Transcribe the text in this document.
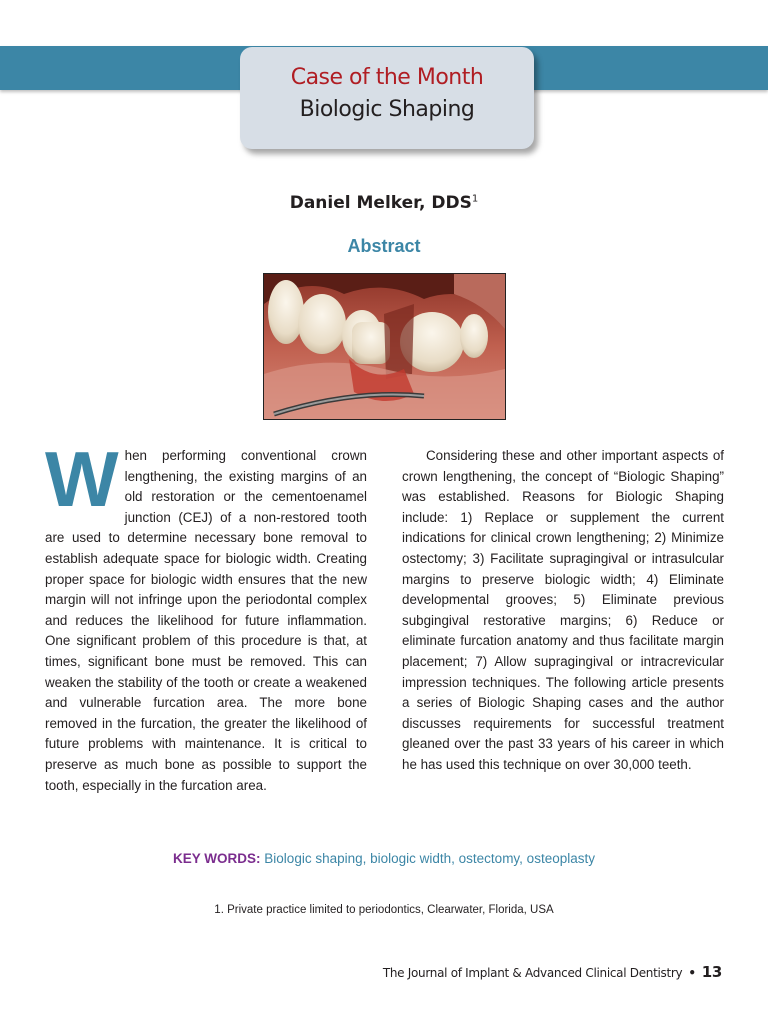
Case of the Month
Biologic Shaping
Daniel Melker, DDS$^1$
Abstract

When performing conventional crown lengthening, the existing margins of an old restoration or the cementoenamel junction (CEJ) of a non-restored tooth are used to determine necessary bone removal to establish adequate space for biologic width. Creating proper space for biologic width ensures that the new margin will not infringe upon the periodontal complex and reduces the likelihood for future inflammation. One significant problem of this procedure is that, at times, significant bone must be removed. This can weaken the stability of the tooth or create a weakened and vulnerable furcation area. The more bone removed in the furcation, the greater the likelihood of future problems with maintenance. It is critical to preserve as much bone as possible to support the tooth, especially in the furcation area.

Considering these and other important aspects of crown lengthening, the concept of “Biologic Shaping” was established. Reasons for Biologic Shaping include: 1) Replace or supplement the current indications for clinical crown lengthening; 2) Minimize ostectomy; 3) Facilitate supragingival or intrasulcular margins to preserve biologic width; 4) Eliminate developmental grooves; 5) Eliminate previous subgingival restorative margins; 6) Reduce or eliminate furcation anatomy and thus facilitate margin placement; 7) Allow supragingival or intracrevicular impression techniques. The following article presents a series of Biologic Shaping cases and the author discusses requirements for successful treatment gleaned over the past 33 years of his career in which he has used this technique on over 30,000 teeth.

KEY WORDS: Biologic shaping, biologic width, ostectomy, osteoplasty
1. Private practice limited to periodontics, Clearwater, Florida, USA
The Journal of Implant & Advanced Clinical Dentistry • 13
